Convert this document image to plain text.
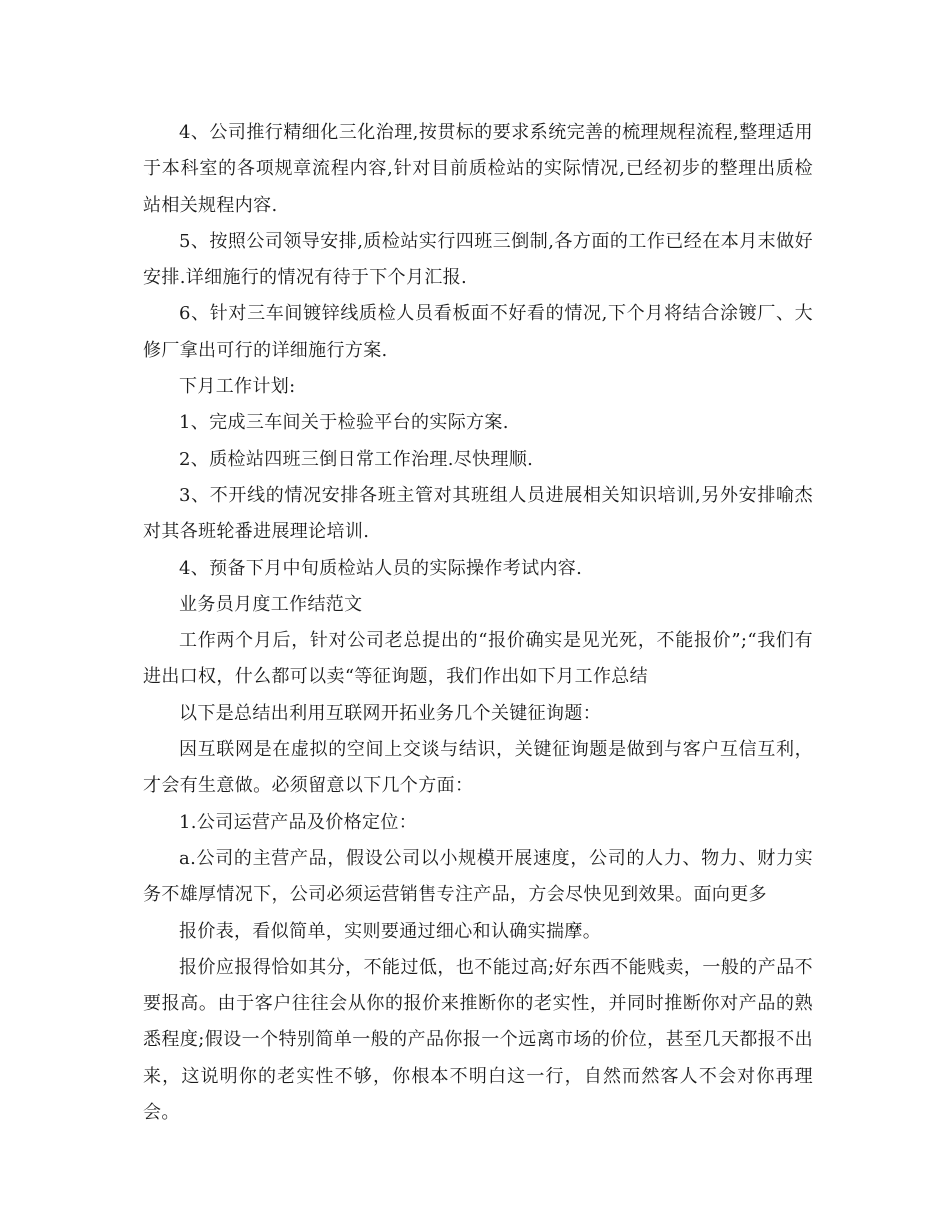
4、公司推行精细化三化治理,按贯标的要求系统完善的梳理规程流程,整理适用于本科室的各项规章流程内容,针对目前质检站的实际情况,已经初步的整理出质检站相关规程内容.

5、按照公司领导安排,质检站实行四班三倒制,各方面的工作已经在本月末做好安排.详细施行的情况有待于下个月汇报.

6、针对三车间镀锌线质检人员看板面不好看的情况,下个月将结合涂镀厂、大修厂拿出可行的详细施行方案.

下月工作计划:

1、完成三车间关于检验平台的实际方案.

2、质检站四班三倒日常工作治理.尽快理顺.

3、不开线的情况安排各班主管对其班组人员进展相关知识培训,另外安排喻杰对其各班轮番进展理论培训.

4、预备下月中旬质检站人员的实际操作考试内容.

业务员月度工作结范文

工作两个月后，针对公司老总提出的“报价确实是见光死，不能报价”;“我们有进出口权，什么都可以卖“等征询题，我们作出如下月工作总结

以下是总结出利用互联网开拓业务几个关键征询题：

因互联网是在虚拟的空间上交谈与结识，关键征询题是做到与客户互信互利，才会有生意做。必须留意以下几个方面：

1.公司运营产品及价格定位：

a.公司的主营产品，假设公司以小规模开展速度，公司的人力、物力、财力实务不雄厚情况下，公司必须运营销售专注产品，方会尽快见到效果。面向更多

报价表，看似简单，实则要通过细心和认确实揣摩。

报价应报得恰如其分，不能过低，也不能过高;好东西不能贱卖，一般的产品不要报高。由于客户往往会从你的报价来推断你的老实性，并同时推断你对产品的熟悉程度;假设一个特别简单一般的产品你报一个远离市场的价位，甚至几天都报不出来，这说明你的老实性不够，你根本不明白这一行，自然而然客人不会对你再理会。
